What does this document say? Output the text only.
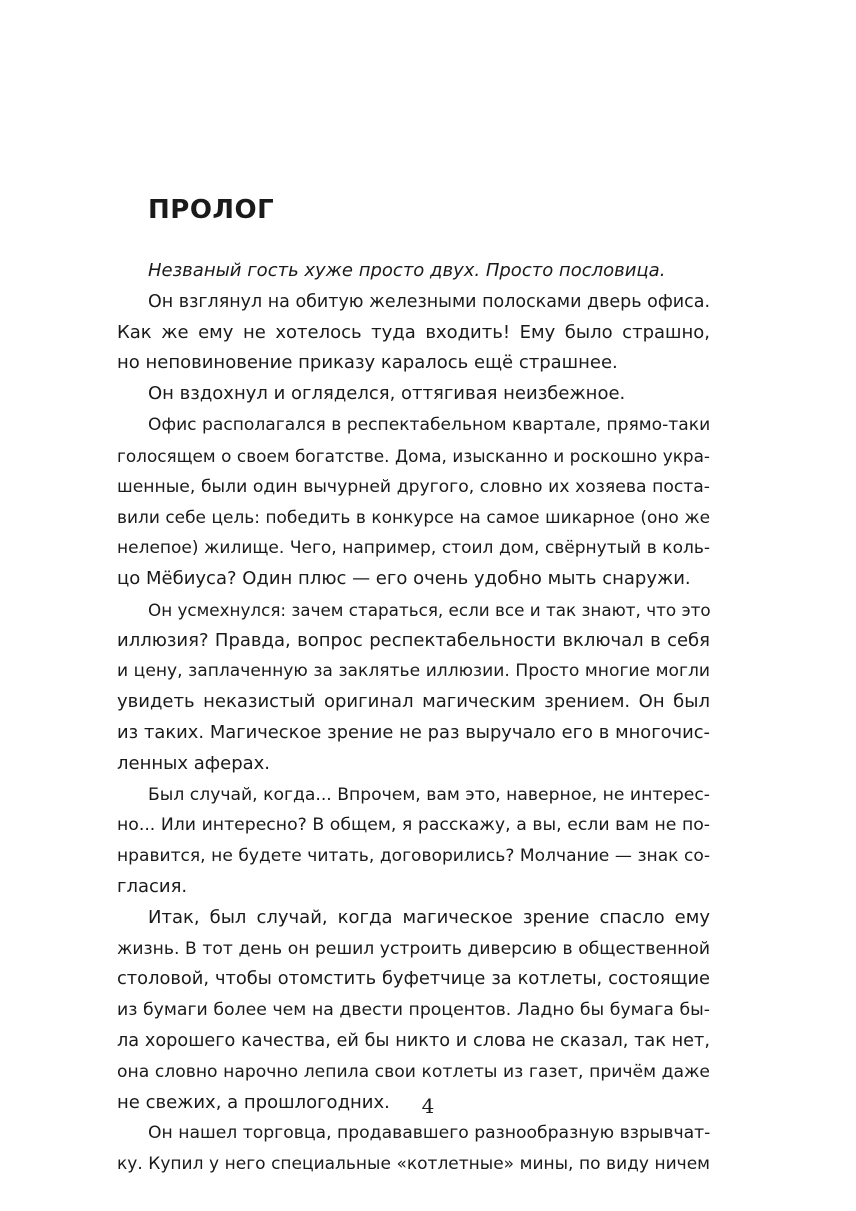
ПРОЛОГ
Незваный гость хуже просто двух. Просто пословица.
Он взглянул на обитую железными полосками дверь офиса.
Как же ему не хотелось туда входить! Ему было страшно,
но неповиновение приказу каралось ещё страшнее.
Он вздохнул и огляделся, оттягивая неизбежное.
Офис располагался в респектабельном квартале, прямо-таки
голосящем о своем богатстве. Дома, изысканно и роскошно укра-
шенные, были один вычурней другого, словно их хозяева поста-
вили себе цель: победить в конкурсе на самое шикарное (оно же
нелепое) жилище. Чего, например, стоил дом, свёрнутый в коль-
цо Мёбиуса? Один плюс — его очень удобно мыть снаружи.
Он усмехнулся: зачем стараться, если все и так знают, что это
иллюзия? Правда, вопрос респектабельности включал в себя
и цену, заплаченную за заклятье иллюзии. Просто многие могли
увидеть неказистый оригинал магическим зрением. Он был
из таких. Магическое зрение не раз выручало его в многочис-
ленных аферах.
Был случай, когда... Впрочем, вам это, наверное, не интерес-
но... Или интересно? В общем, я расскажу, а вы, если вам не по-
нравится, не будете читать, договорились? Молчание — знак со-
гласия.
Итак, был случай, когда магическое зрение спасло ему
жизнь. В тот день он решил устроить диверсию в общественной
столовой, чтобы отомстить буфетчице за котлеты, состоящие
из бумаги более чем на двести процентов. Ладно бы бумага бы-
ла хорошего качества, ей бы никто и слова не сказал, так нет,
она словно нарочно лепила свои котлеты из газет, причём даже
не свежих, а прошлогодних.
Он нашел торговца, продававшего разнообразную взрывчат-
ку. Купил у него специальные «котлетные» мины, по виду ничем
4
